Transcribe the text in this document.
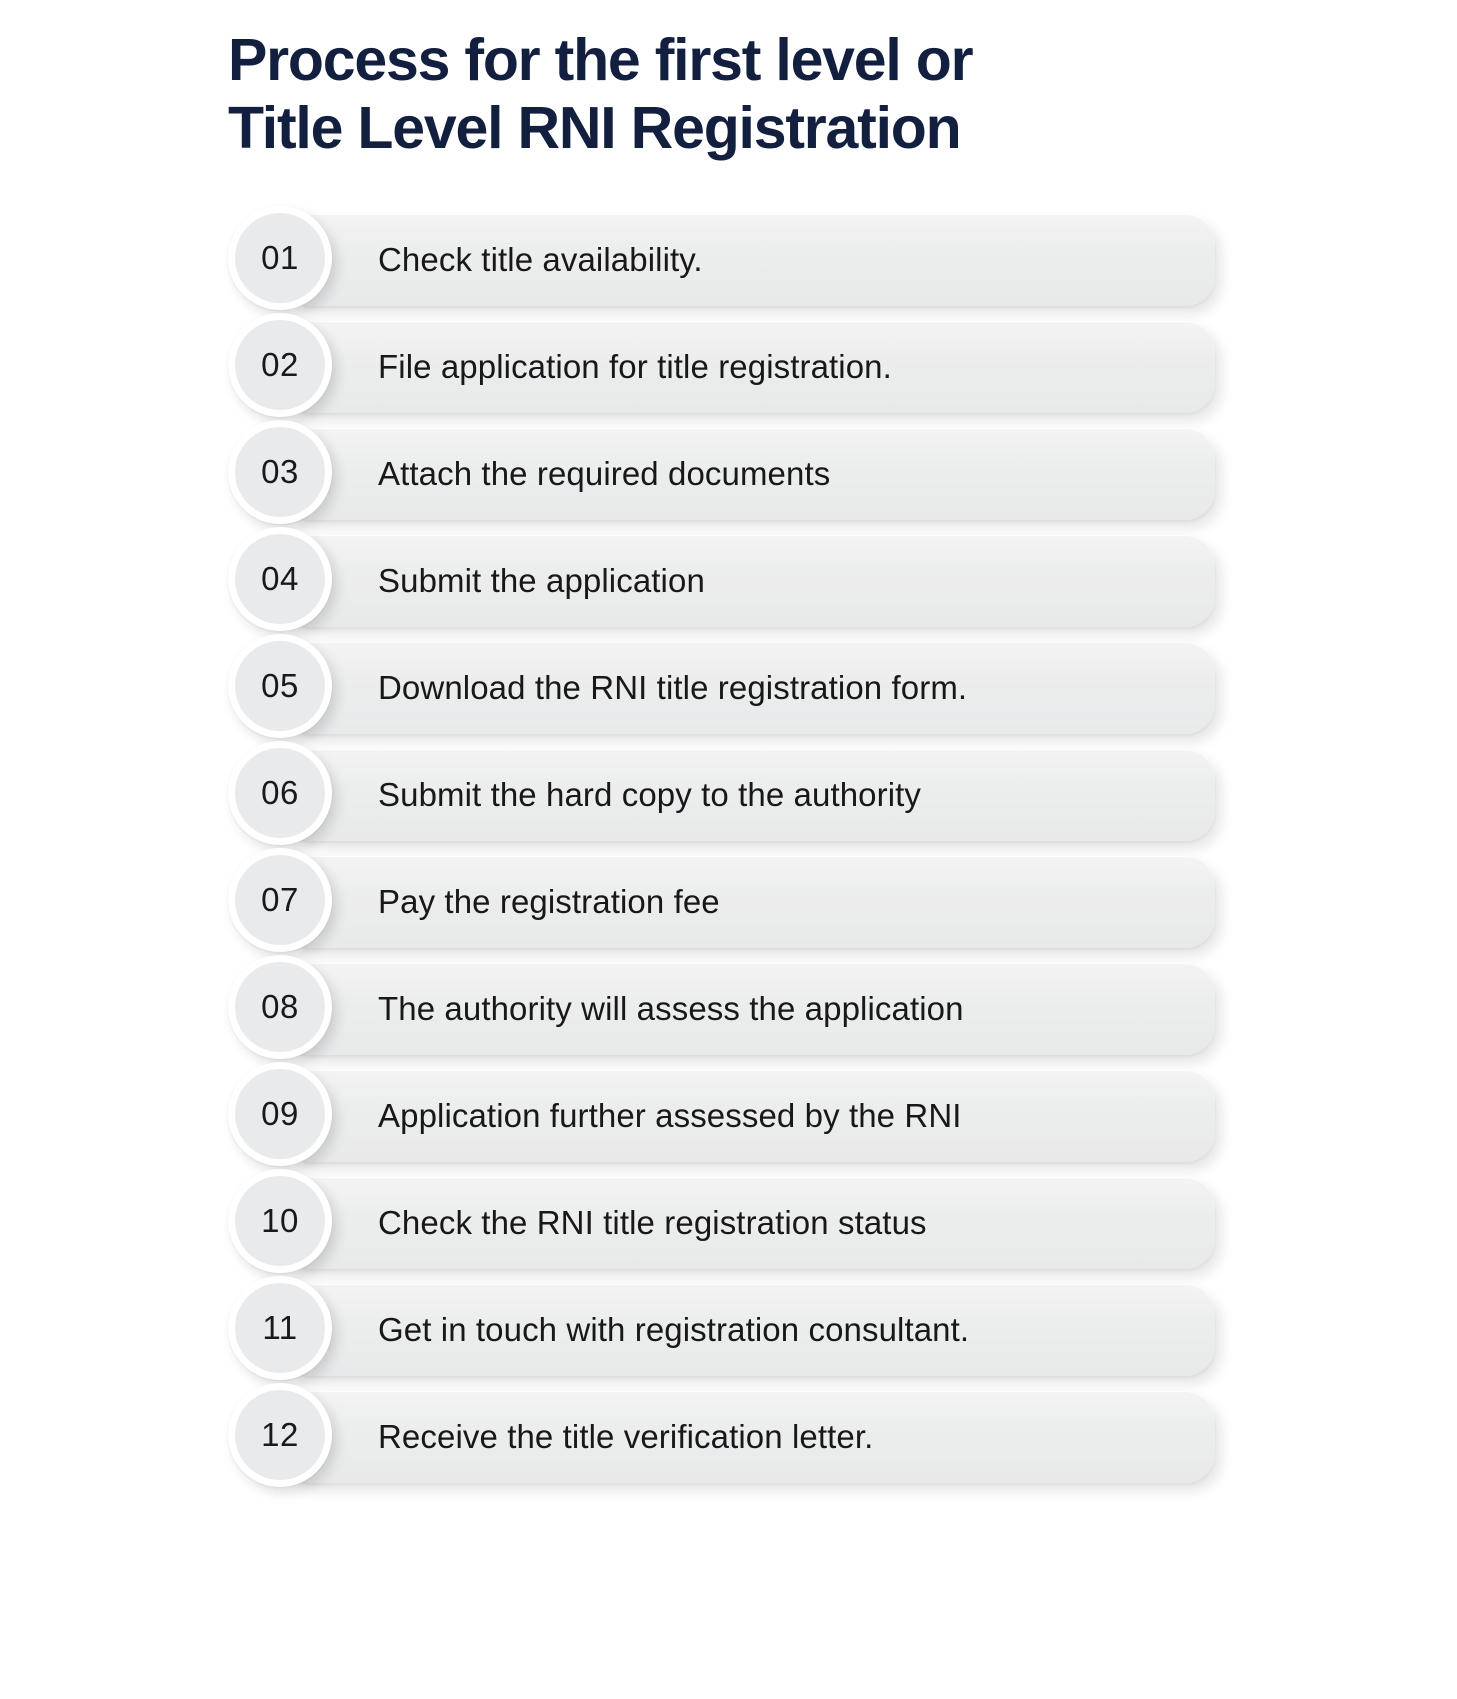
Process for the first level or
Title Level RNI Registration
Check title availability.
01
File application for title registration.
02
Attach the required documents
03
Submit the application
04
Download the RNI title registration form.
05
Submit the hard copy to the authority
06
Pay the registration fee
07
The authority will assess the application
08
Application further assessed by the RNI
09
Check the RNI title registration status
10
Get in touch with registration consultant.
11
Receive the title verification letter.
12
